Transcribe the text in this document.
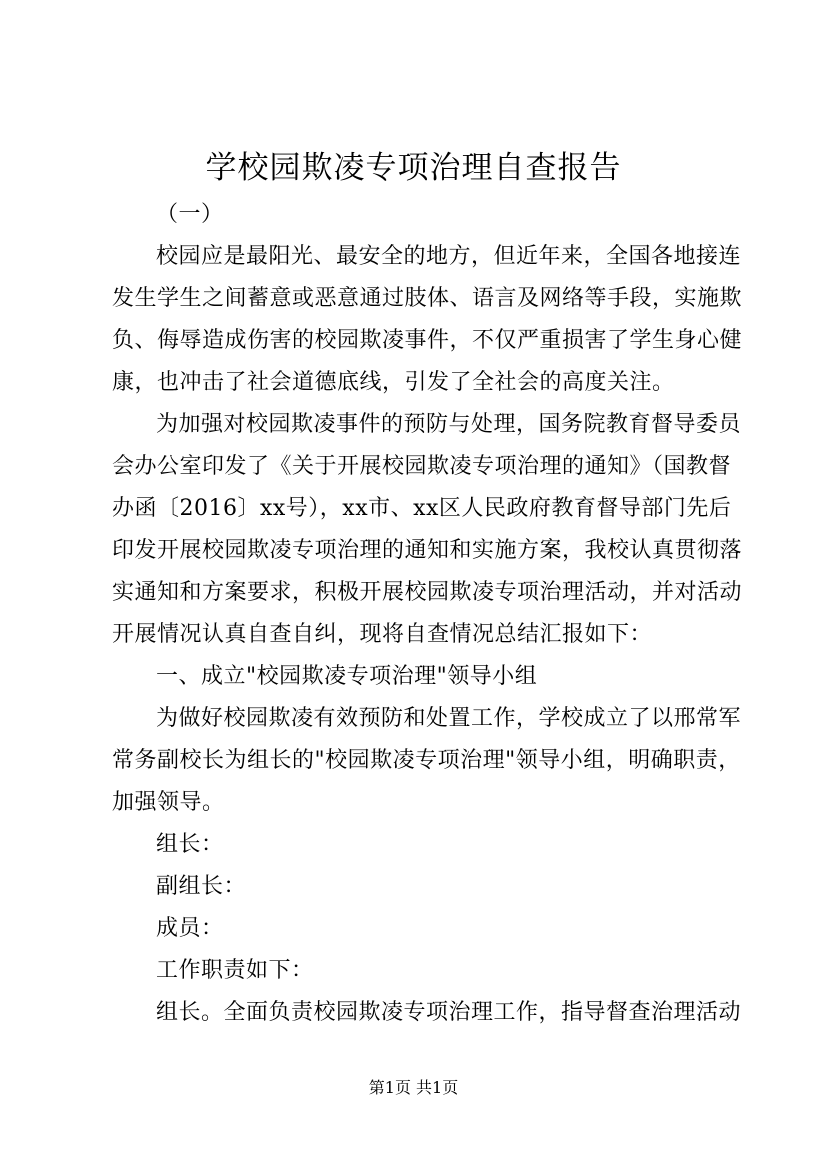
学校园欺凌专项治理自查报告
（一）
校园应是最阳光、最安全的地方，但近年来，全国各地接连
发生学生之间蓄意或恶意通过肢体、语言及网络等手段，实施欺
负、侮辱造成伤害的校园欺凌事件，不仅严重损害了学生身心健
康，也冲击了社会道德底线，引发了全社会的高度关注。
为加强对校园欺凌事件的预防与处理，国务院教育督导委员
会办公室印发了《关于开展校园欺凌专项治理的通知》（国教督
办函〔2016〕xx号），xx市、xx区人民政府教育督导部门先后
印发开展校园欺凌专项治理的通知和实施方案，我校认真贯彻落
实通知和方案要求，积极开展校园欺凌专项治理活动，并对活动
开展情况认真自查自纠，现将自查情况总结汇报如下：
一、成立"校园欺凌专项治理"领导小组
为做好校园欺凌有效预防和处置工作，学校成立了以邢常军
常务副校长为组长的"校园欺凌专项治理"领导小组，明确职责，
加强领导。
组长：
副组长：
成员：
工作职责如下：
组长。全面负责校园欺凌专项治理工作，指导督查治理活动
第1页 共1页
